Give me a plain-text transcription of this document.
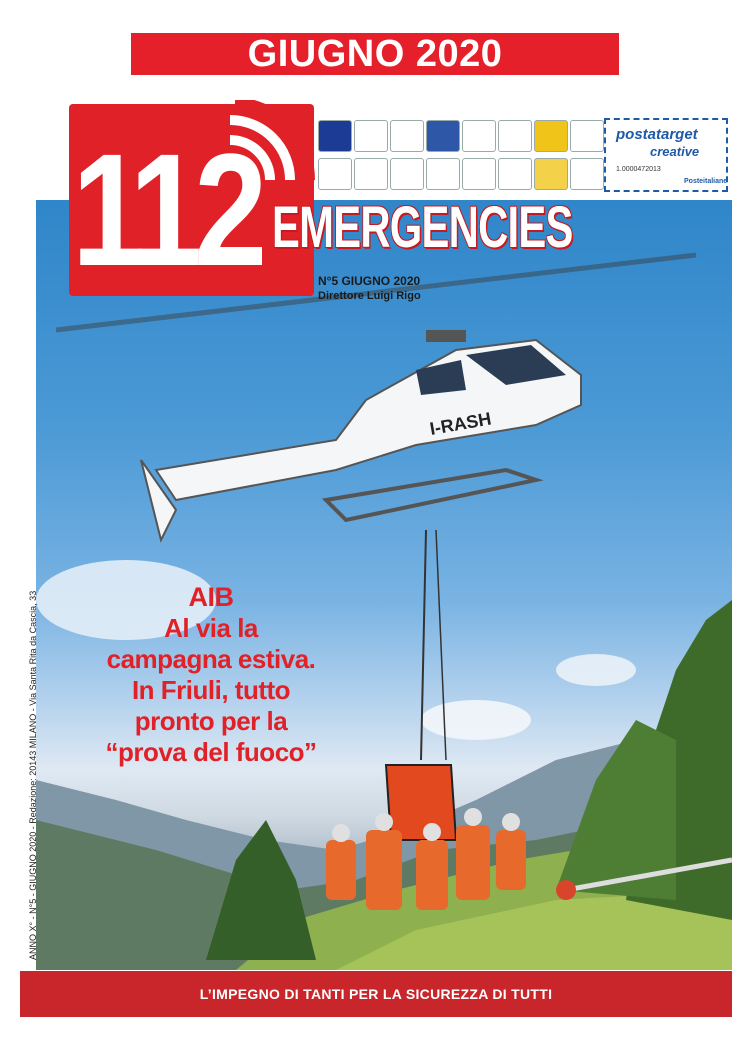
GIUGNO 2020
I-RASH
112 EMERGENCIES
N°5 GIUGNO 2020
Direttore Luigi Rigo
postatarget
creative
1.0000472013
Posteitaliane
AIB
Al via la
campagna estiva.
In Friuli, tutto
pronto per la
“prova del fuoco”
ANNO X° - N°5 - GIUGNO 2020 - Redazione: 20143 MILANO - Via Santa Rita da Cascia, 33
L’IMPEGNO DI TANTI PER LA SICUREZZA DI TUTTI
